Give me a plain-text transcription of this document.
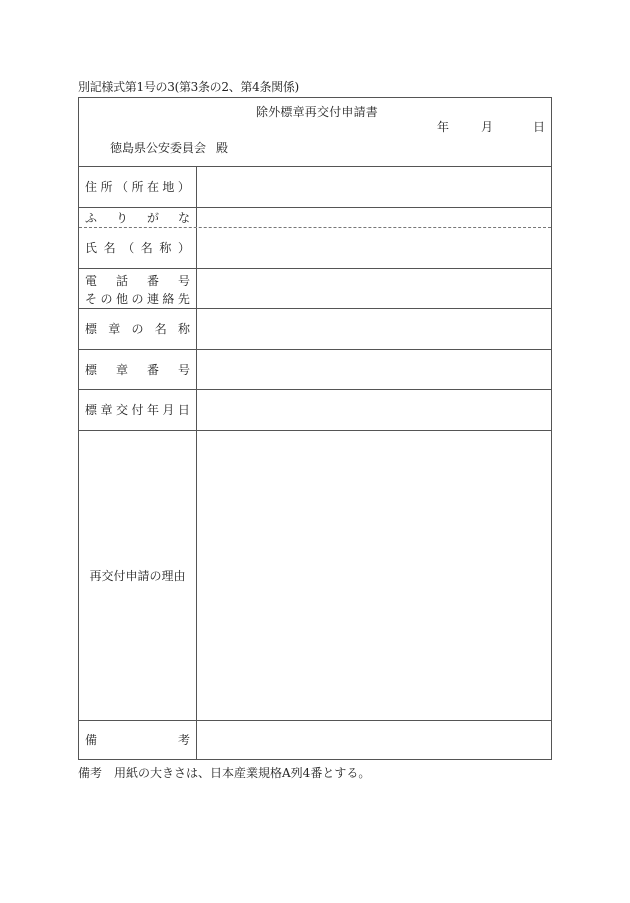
別記様式第1号の3(第3条の2、第4条関係)
除外標章再交付申請書
年	月	日
徳島県公安委員会 殿
住 所 （ 所 在 地 ）
ふ り が な
氏 名 （ 名 称 ）
電 話 番 号
そ の 他 の 連 絡 先
標 章 の 名 称
標 章 番 号
標 章 交 付 年 月 日
再交付申請の理由
備	考
備考 用紙の大きさは、日本産業規格A列4番とする。
